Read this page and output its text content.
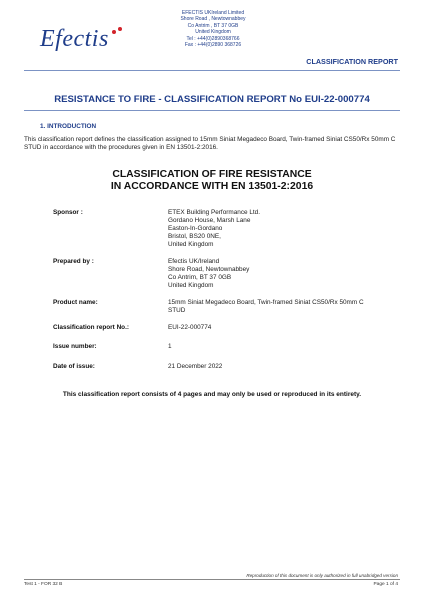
Efectis
EFECTIS UKIreland Limited
Shore Road , Newtownabbey
Co Antrim , BT 37 0GB
United Kingdom
Tel : +44(0)2890368766
Fax : +44(0)2890 368726
CLASSIFICATION REPORT
RESISTANCE TO FIRE - CLASSIFICATION REPORT No EUI-22-000774
1. INTRODUCTION
This classification report defines the classification assigned to 15mm Siniat Megadeco Board, Twin-framed Siniat CS50/Rx 50mm C STUD in accordance with the procedures given in EN 13501-2:2016.
CLASSIFICATION OF FIRE RESISTANCE
IN ACCORDANCE WITH EN 13501-2:2016
Sponsor :	ETEX Building Performance Ltd.
Gordano House, Marsh Lane
Easton-In-Gordano
Bristol, BS20 0NE,
United Kingdom
Prepared by :	Efectis UK/Ireland
Shore Road, Newtownabbey
Co Antrim, BT 37 0GB
United Kingdom
Product name:	15mm Siniat Megadeco Board, Twin-framed Siniat CS50/Rx 50mm C
STUD
Classification report No.:	EUI-22-000774
Issue number:	1
Date of issue:	21 December 2022
This classification report consists of 4 pages and may only be used or reproduced in its entirety.
Reproduction of this document is only authorized in full unabridged version
Test 1 - FOR 32 B	Page 1 of 4
